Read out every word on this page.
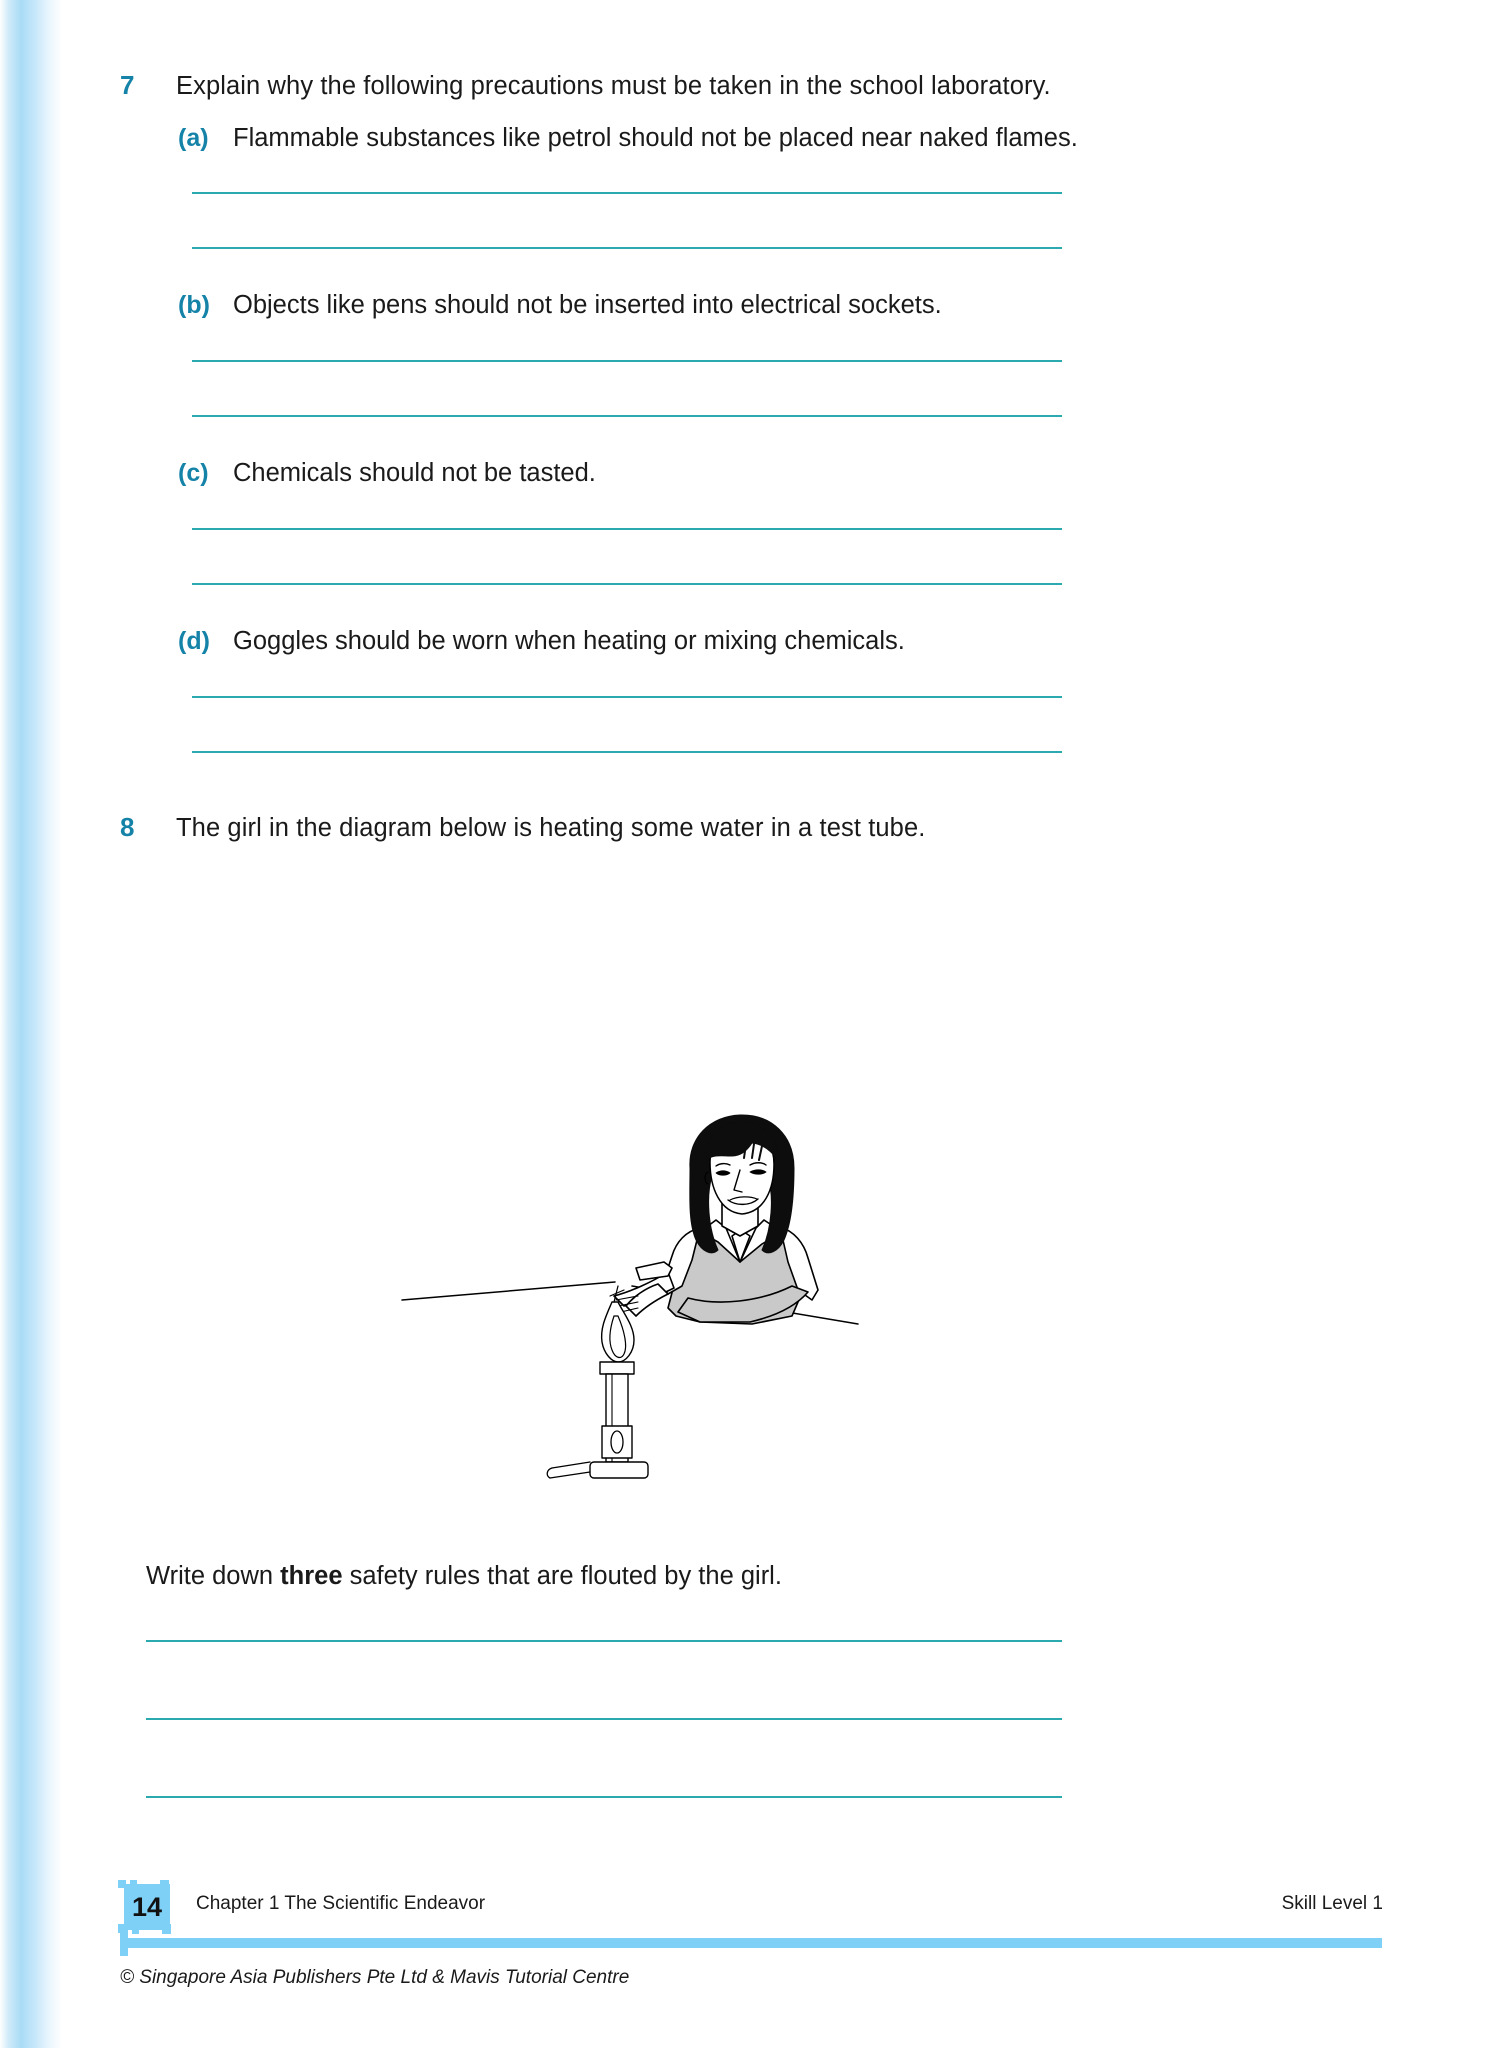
7	Explain why the following precautions must be taken in the school laboratory.
(a) Flammable substances like petrol should not be placed near naked flames.
(b) Objects like pens should not be inserted into electrical sockets.
(c) Chemicals should not be tasted.
(d) Goggles should be worn when heating or mixing chemicals.
8	The girl in the diagram below is heating some water in a test tube.
Write down three safety rules that are flouted by the girl.
14	Chapter 1 The Scientific Endeavor	Skill Level 1
© Singapore Asia Publishers Pte Ltd & Mavis Tutorial Centre
